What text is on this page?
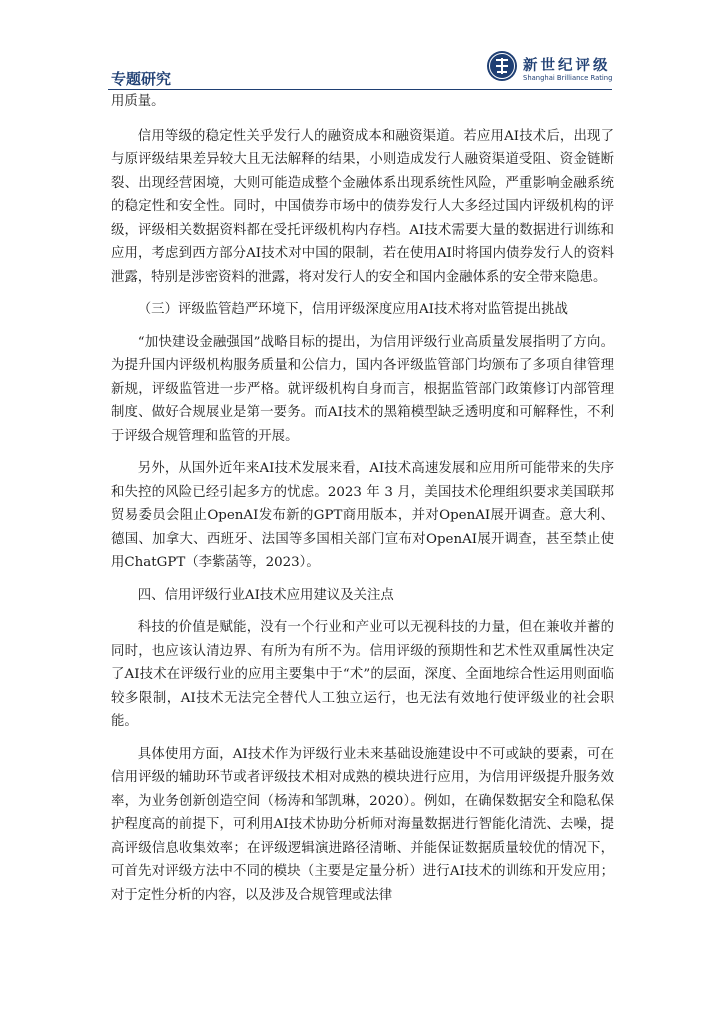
专题研究
新世纪评级
Shanghai Brilliance Rating

用质量。

信用等级的稳定性关乎发行人的融资成本和融资渠道。若应用AI技术后，出现了与原评级结果差异较大且无法解释的结果，小则造成发行人融资渠道受阻、资金链断裂、出现经营困境，大则可能造成整个金融体系出现系统性风险，严重影响金融系统的稳定性和安全性。同时，中国债券市场中的债券发行人大多经过国内评级机构的评级，评级相关数据资料都在受托评级机构内存档。AI技术需要大量的数据进行训练和应用，考虑到西方部分AI技术对中国的限制，若在使用AI时将国内债券发行人的资料泄露，特别是涉密资料的泄露，将对发行人的安全和国内金融体系的安全带来隐患。

（三）评级监管趋严环境下，信用评级深度应用AI技术将对监管提出挑战

“加快建设金融强国”战略目标的提出，为信用评级行业高质量发展指明了方向。为提升国内评级机构服务质量和公信力，国内各评级监管部门均颁布了多项自律管理新规，评级监管进一步严格。就评级机构自身而言，根据监管部门政策修订内部管理制度、做好合规展业是第一要务。而AI技术的黑箱模型缺乏透明度和可解释性，不利于评级合规管理和监管的开展。

另外，从国外近年来AI技术发展来看，AI技术高速发展和应用所可能带来的失序和失控的风险已经引起多方的忧虑。2023 年 3 月，美国技术伦理组织要求美国联邦贸易委员会阻止OpenAI发布新的GPT商用版本，并对OpenAI展开调查。意大利、德国、加拿大、西班牙、法国等多国相关部门宣布对OpenAI展开调查，甚至禁止使用ChatGPT（李紫菡等，2023）。

四、信用评级行业AI技术应用建议及关注点

科技的价值是赋能，没有一个行业和产业可以无视科技的力量，但在兼收并蓄的同时，也应该认清边界、有所为有所不为。信用评级的预期性和艺术性双重属性决定了AI技术在评级行业的应用主要集中于“术”的层面，深度、全面地综合性运用则面临较多限制，AI技术无法完全替代人工独立运行，也无法有效地行使评级业的社会职能。

具体使用方面，AI技术作为评级行业未来基础设施建设中不可或缺的要素，可在信用评级的辅助环节或者评级技术相对成熟的模块进行应用，为信用评级提升服务效率，为业务创新创造空间（杨涛和邹凯琳，2020）。例如，在确保数据安全和隐私保护程度高的前提下，可利用AI技术协助分析师对海量数据进行智能化清洗、去噪，提高评级信息收集效率；在评级逻辑演进路径清晰、并能保证数据质量较优的情况下，可首先对评级方法中不同的模块（主要是定量分析）进行AI技术的训练和开发应用；对于定性分析的内容，以及涉及合规管理或法律
